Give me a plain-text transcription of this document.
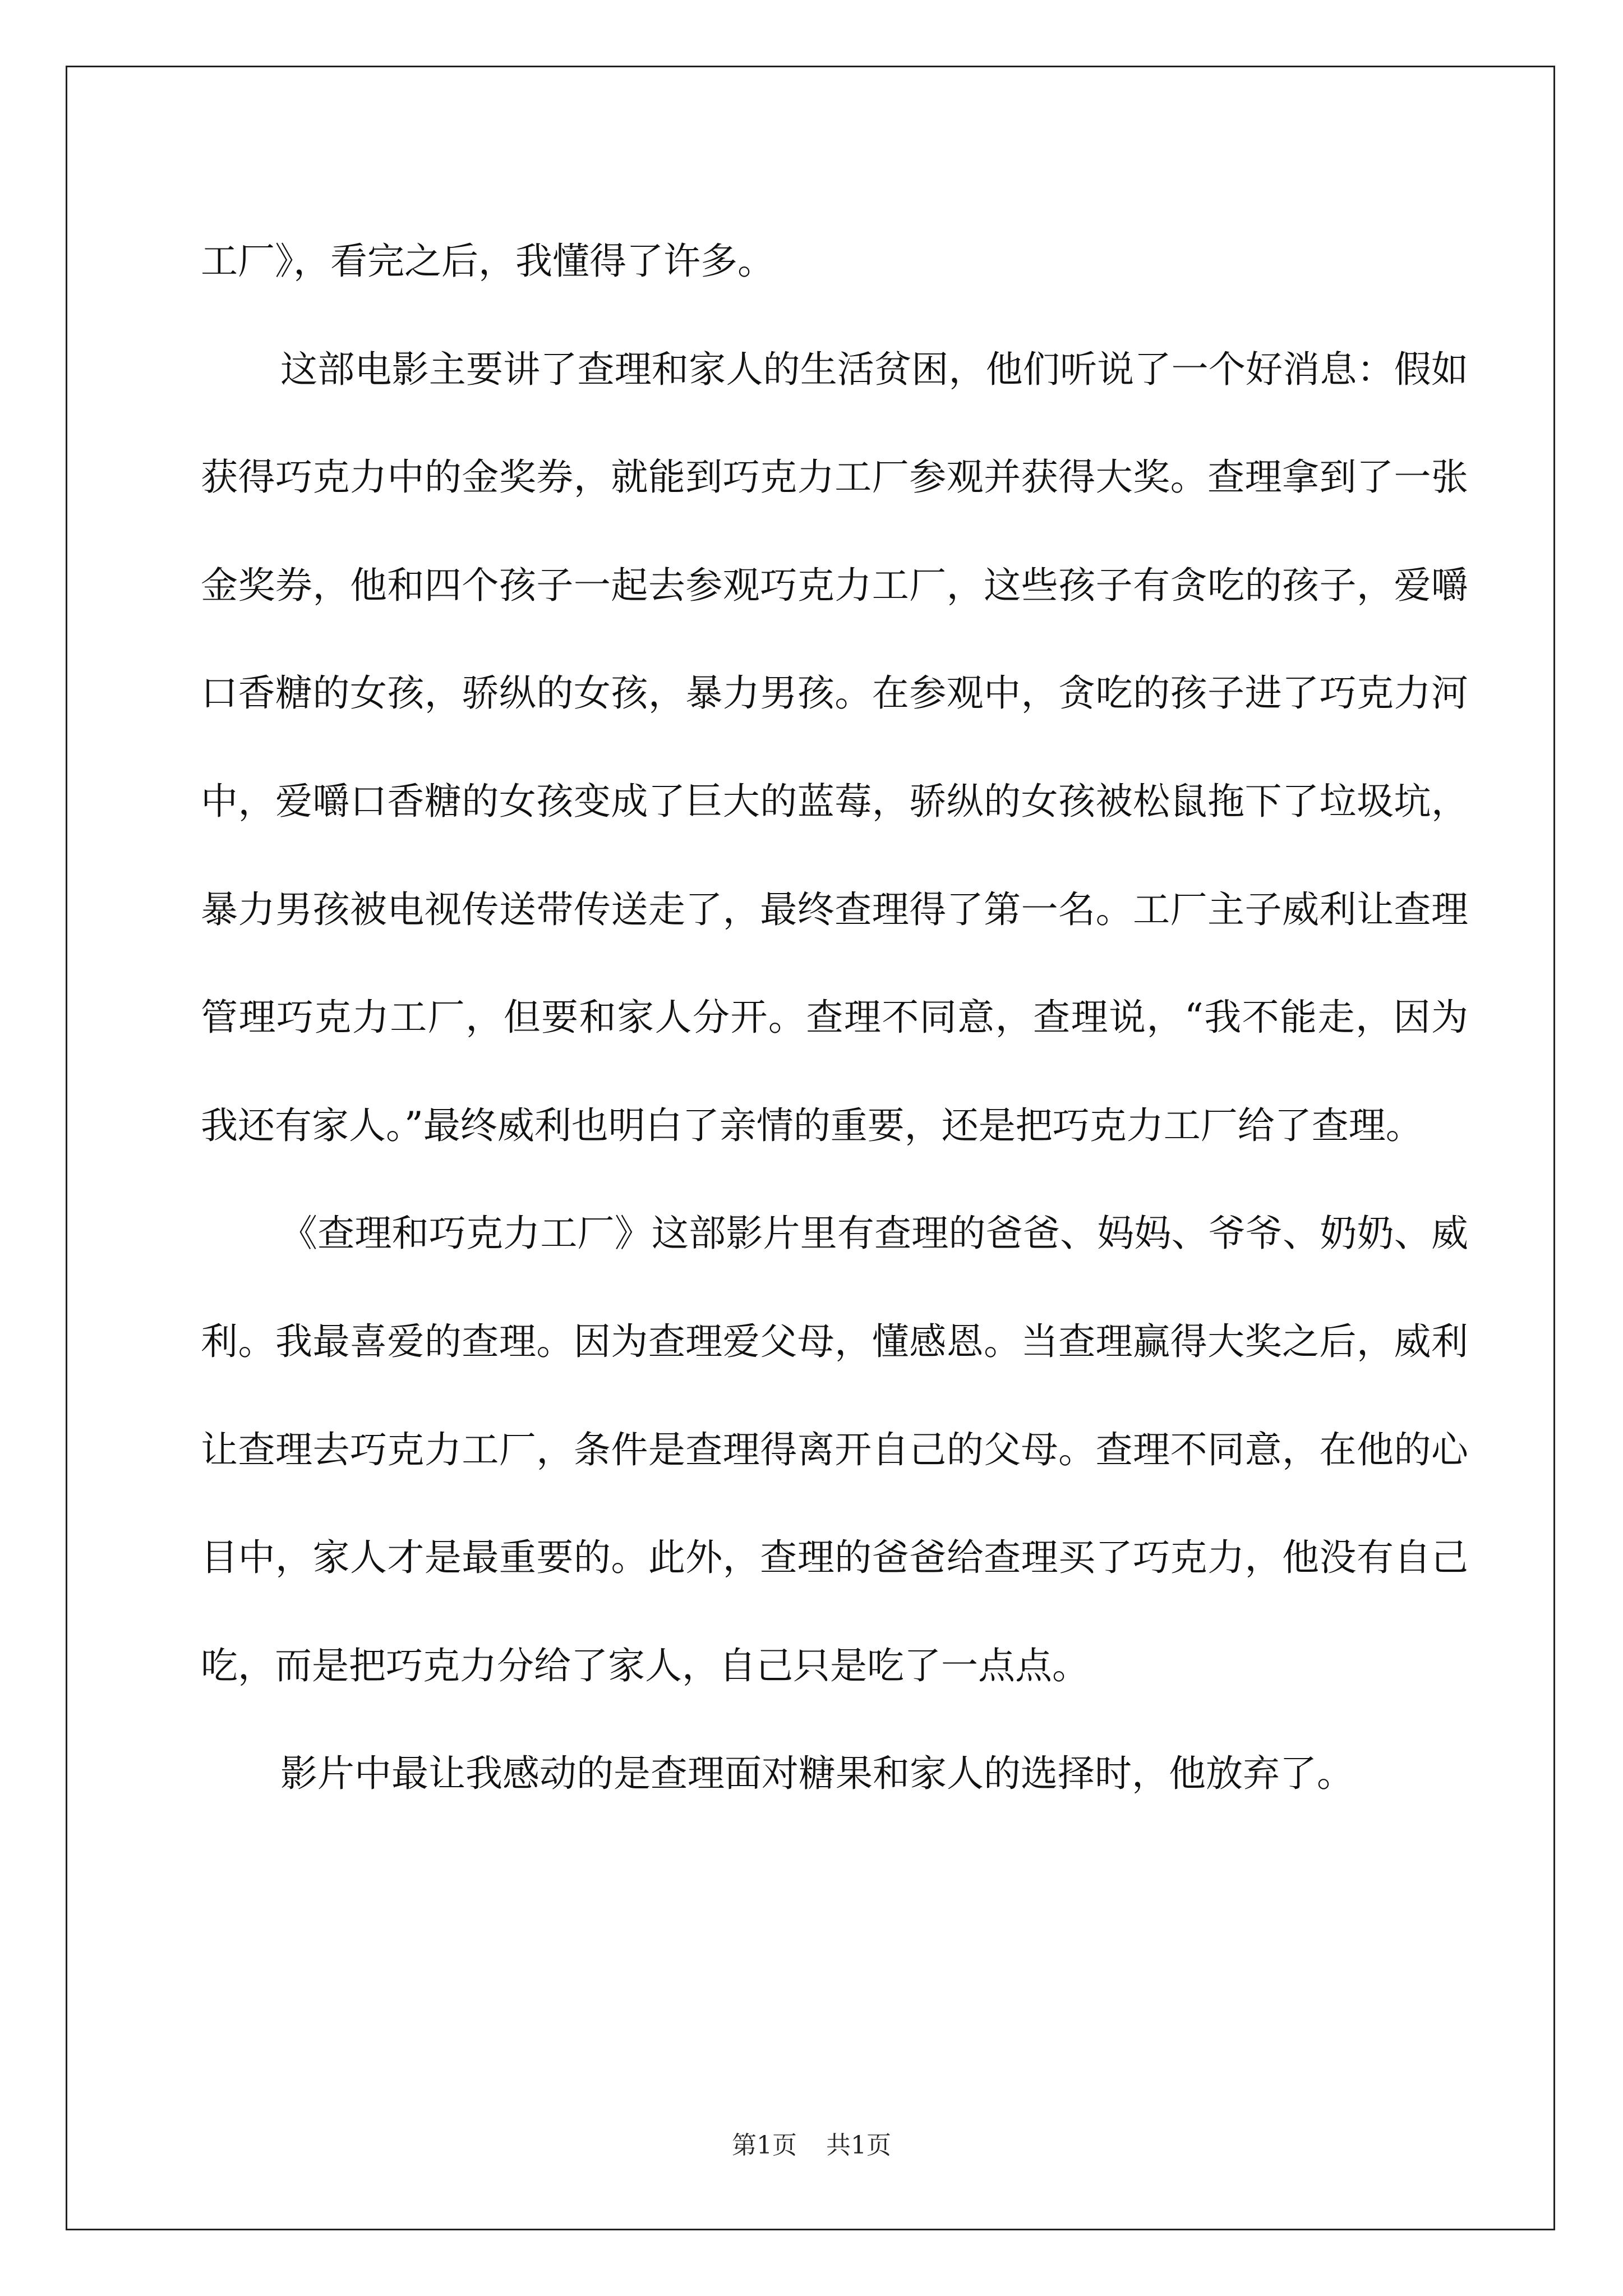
工厂》，看完之后，我懂得了许多。

这部电影主要讲了查理和家人的生活贫困，他们听说了一个好消息：假如获得巧克力中的金奖券，就能到巧克力工厂参观并获得大奖。查理拿到了一张金奖券，他和四个孩子一起去参观巧克力工厂，这些孩子有贪吃的孩子，爱嚼口香糖的女孩，骄纵的女孩，暴力男孩。在参观中，贪吃的孩子进了巧克力河中，爱嚼口香糖的女孩变成了巨大的蓝莓，骄纵的女孩被松鼠拖下了垃圾坑，暴力男孩被电视传送带传送走了，最终查理得了第一名。工厂主子威利让查理管理巧克力工厂，但要和家人分开。查理不同意，查理说，“我不能走，因为我还有家人。”最终威利也明白了亲情的重要，还是把巧克力工厂给了查理。

《查理和巧克力工厂》这部影片里有查理的爸爸、妈妈、爷爷、奶奶、威利。我最喜爱的查理。因为查理爱父母，懂感恩。当查理赢得大奖之后，威利让查理去巧克力工厂，条件是查理得离开自己的父母。查理不同意，在他的心目中，家人才是最重要的。此外，查理的爸爸给查理买了巧克力，他没有自己吃，而是把巧克力分给了家人，自己只是吃了一点点。

影片中最让我感动的是查理面对糖果和家人的选择时，他放弃了。

第1页 共1页
